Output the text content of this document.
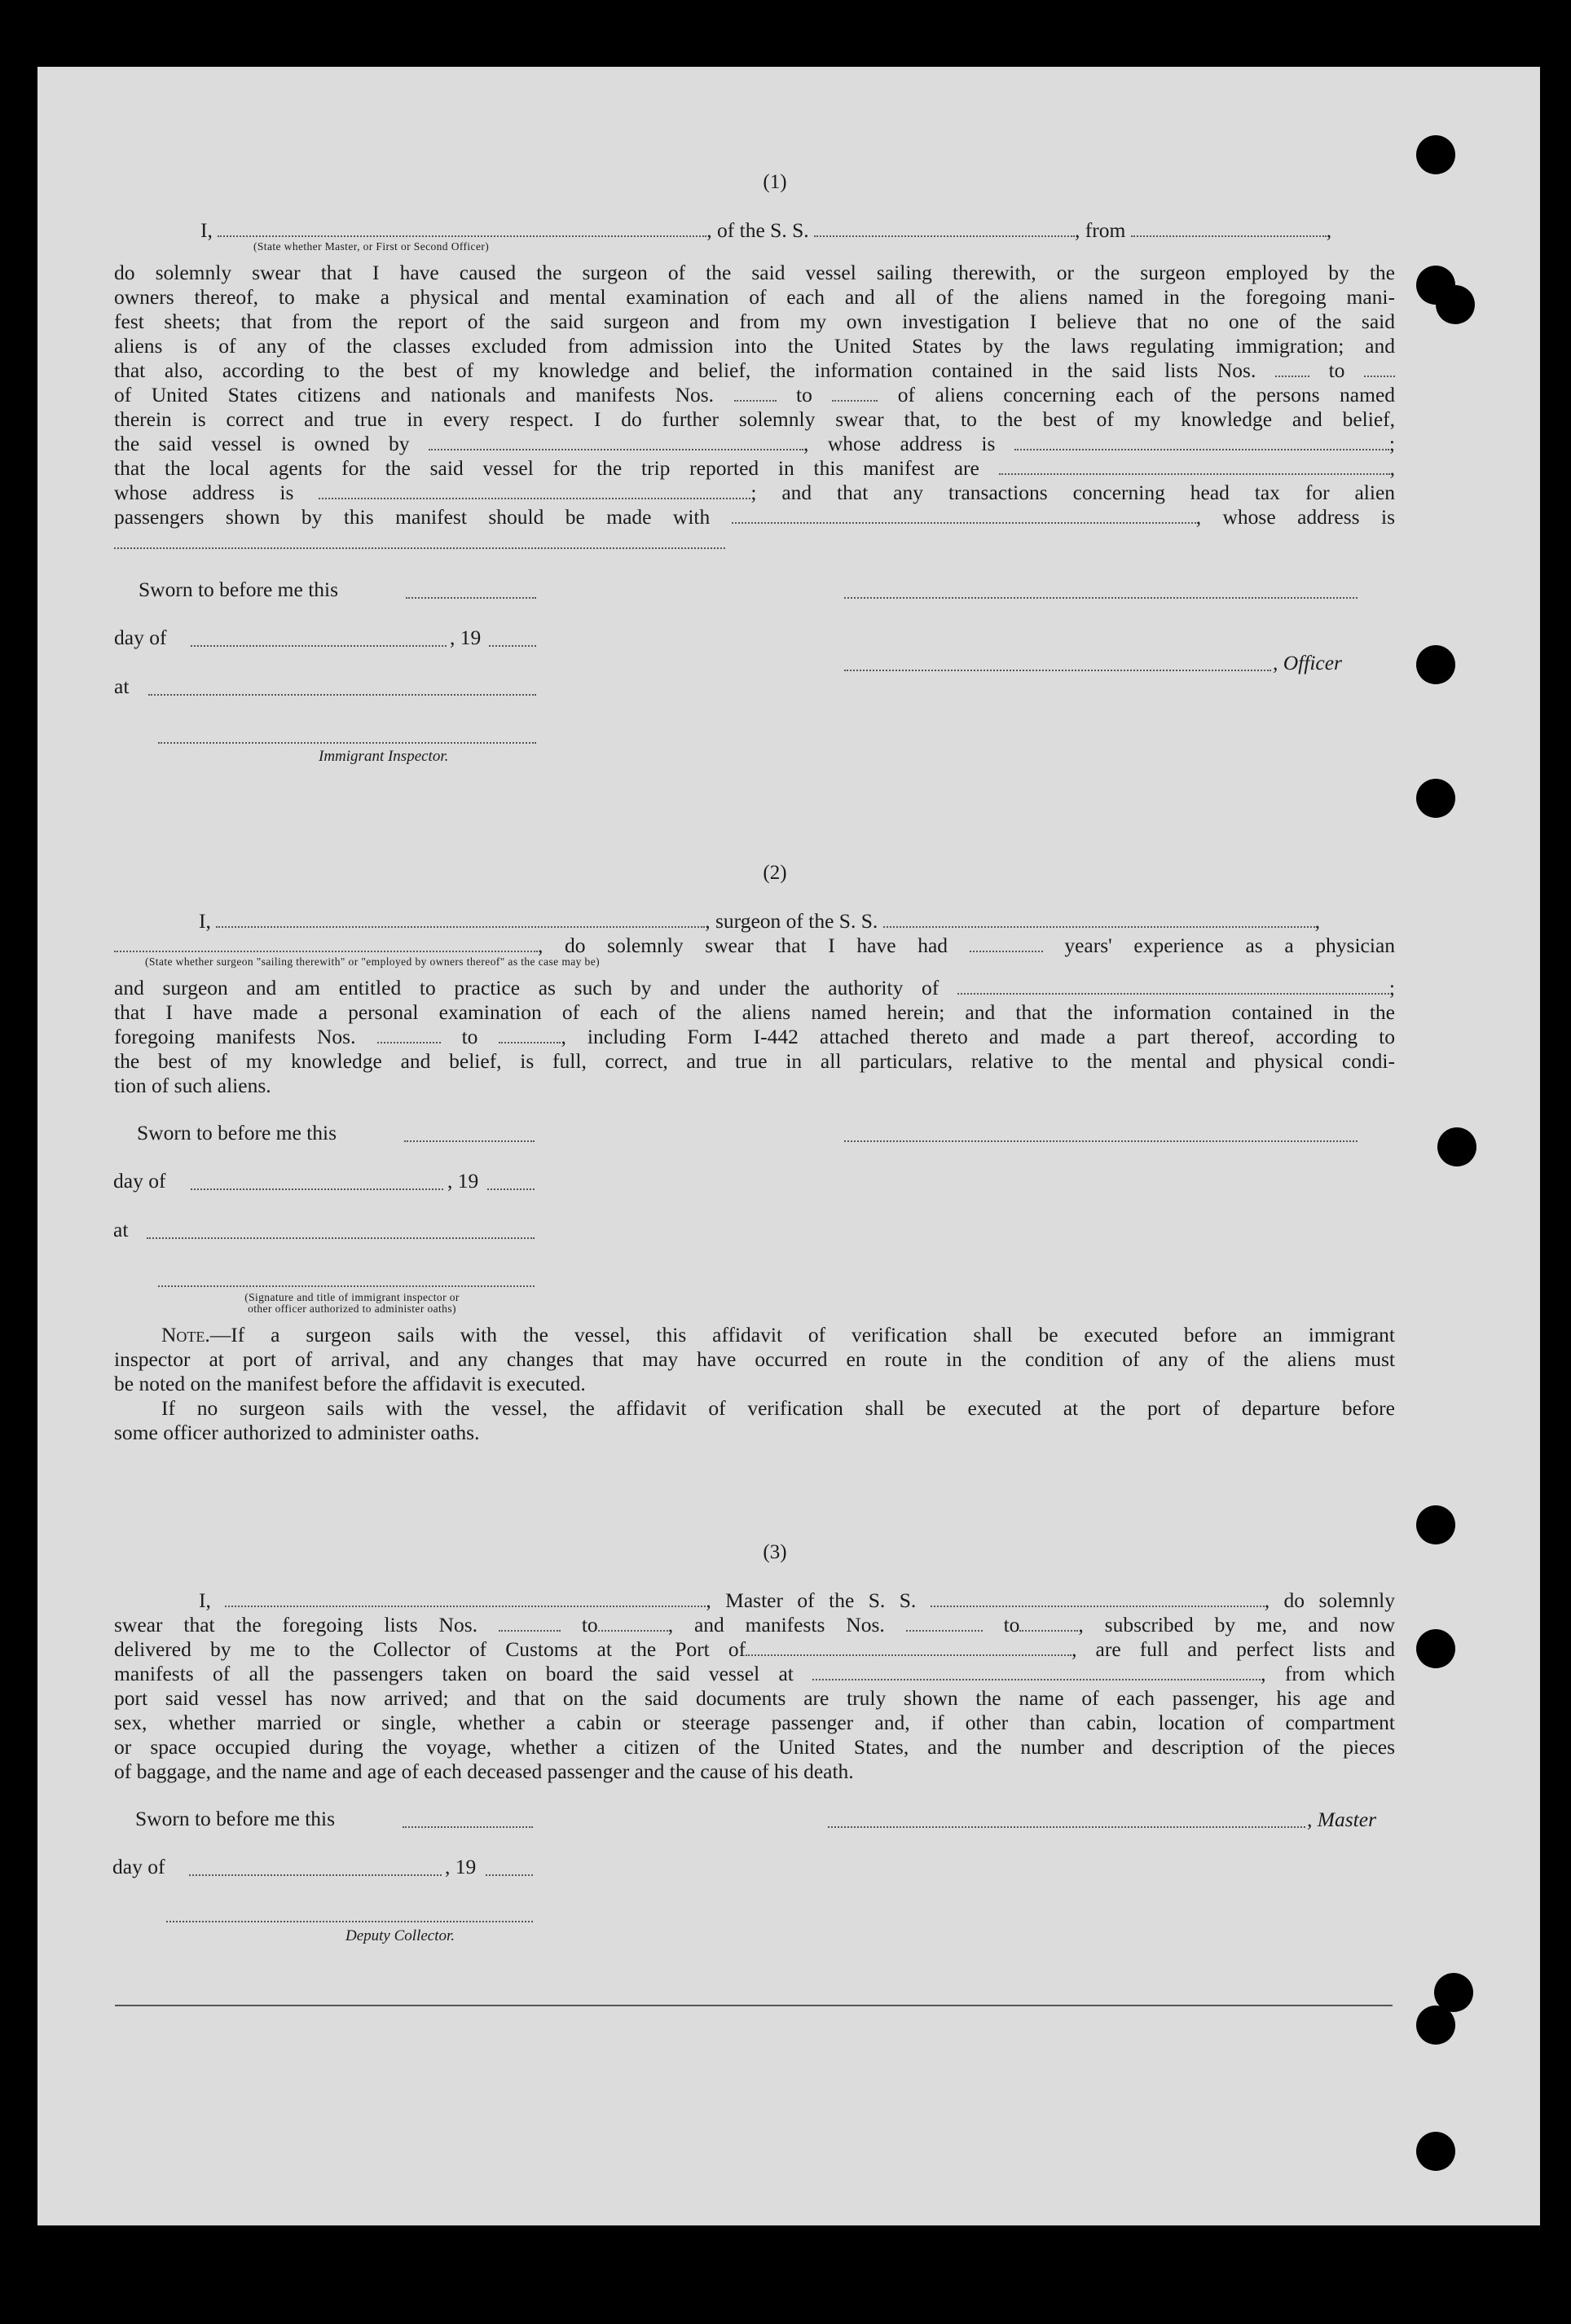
(1)
I,	, of the S. S.	, from	,
(State whether Master, or First or Second Officer)
do solemnly swear that I have caused the surgeon of the said vessel sailing therewith, or the surgeon employed by the
owners thereof, to make a physical and mental examination of each and all of the aliens named in the foregoing mani-
fest sheets; that from the report of the said surgeon and from my own investigation I believe that no one of the said
aliens is of any of the classes excluded from admission into the United States by the laws regulating immigration; and
that also, according to the best of my knowledge and belief, the information contained in the said lists Nos.	to
of United States citizens and nationals and manifests Nos.	to	of aliens concerning each of the persons named
therein is correct and true in every respect. I do further solemnly swear that, to the best of my knowledge and belief,
the said vessel is owned by	, whose address is	;
that the local agents for the said vessel for the trip reported in this manifest are	,
whose address is	; and that any transactions concerning head tax for alien
passengers shown by this manifest should be made with	, whose address is
Sworn to before me this
day of	, 19
, Officer
at
Immigrant Inspector.
(2)
I,	, surgeon of the S. S.	,
, do solemnly swear that I have had	years' experience as a physician
(State whether surgeon "sailing therewith" or "employed by owners thereof" as the case may be)
and surgeon and am entitled to practice as such by and under the authority of	;
that I have made a personal examination of each of the aliens named herein; and that the information contained in the
foregoing manifests Nos.	to	, including Form I-442 attached thereto and made a part thereof, according to
the best of my knowledge and belief, is full, correct, and true in all particulars, relative to the mental and physical condi-
tion of such aliens.
Sworn to before me this
day of	, 19
at
(Signature and title of immigrant inspector or
other officer authorized to administer oaths)
Note.—If a surgeon sails with the vessel, this affidavit of verification shall be executed before an immigrant
inspector at port of arrival, and any changes that may have occurred en route in the condition of any of the aliens must
be noted on the manifest before the affidavit is executed.
If no surgeon sails with the vessel, the affidavit of verification shall be executed at the port of departure before
some officer authorized to administer oaths.
(3)
I,	, Master of the S. S.	, do solemnly
swear that the foregoing lists Nos.	to	, and manifests Nos.	to	, subscribed by me, and now
delivered by me to the Collector of Customs at the Port of	, are full and perfect lists and
manifests of all the passengers taken on board the said vessel at	, from which
port said vessel has now arrived; and that on the said documents are truly shown the name of each passenger, his age and
sex, whether married or single, whether a cabin or steerage passenger and, if other than cabin, location of compartment
or space occupied during the voyage, whether a citizen of the United States, and the number and description of the pieces
of baggage, and the name and age of each deceased passenger and the cause of his death.
Sworn to before me this	, Master
day of	, 19
Deputy Collector.
